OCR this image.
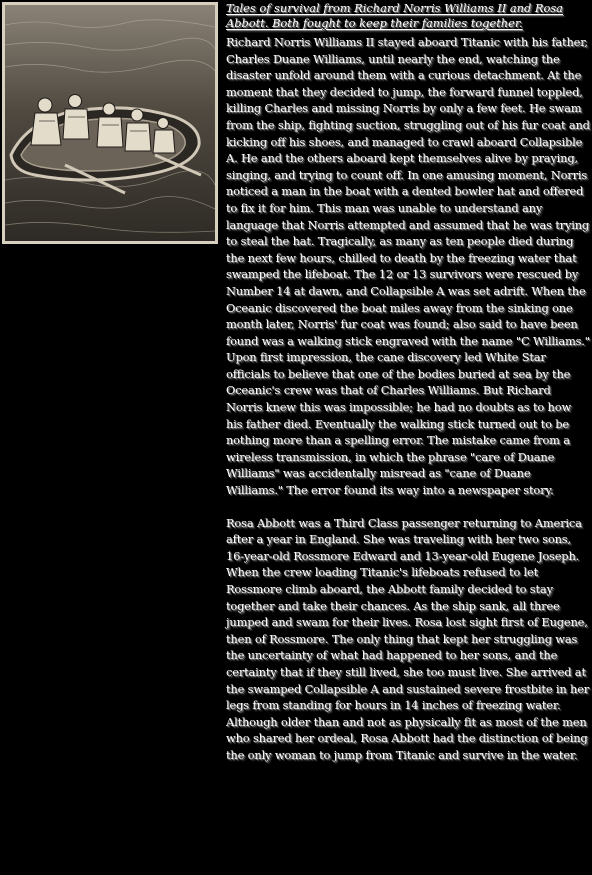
Tales of survival from Richard Norris Williams II and Rosa Abbott. Both fought to keep their families together.

Richard Norris Williams II stayed aboard Titanic with his father, Charles Duane Williams, until nearly the end, watching the disaster unfold around them with a curious detachment. At the moment that they decided to jump, the forward funnel toppled, killing Charles and missing Norris by only a few feet. He swam from the ship, fighting suction, struggling out of his fur coat and kicking off his shoes, and managed to crawl aboard Collapsible A. He and the others aboard kept themselves alive by praying, singing, and trying to count off. In one amusing moment, Norris noticed a man in the boat with a dented bowler hat and offered to fix it for him. This man was unable to understand any language that Norris attempted and assumed that he was trying to steal the hat. Tragically, as many as ten people died during the next few hours, chilled to death by the freezing water that swamped the lifeboat. The 12 or 13 survivors were rescued by Number 14 at dawn, and Collapsible A was set adrift. When the Oceanic discovered the boat miles away from the sinking one month later, Norris' fur coat was found; also said to have been found was a walking stick engraved with the name "C Williams." Upon first impression, the cane discovery led White Star officials to believe that one of the bodies buried at sea by the Oceanic's crew was that of Charles Williams. But Richard Norris knew this was impossible; he had no doubts as to how his father died. Eventually the walking stick turned out to be nothing more than a spelling error. The mistake came from a wireless transmission, in which the phrase "care of Duane Williams" was accidentally misread as "cane of Duane Williams." The error found its way into a newspaper story.

Rosa Abbott was a Third Class passenger returning to America after a year in England. She was traveling with her two sons, 16-year-old Rossmore Edward and 13-year-old Eugene Joseph. When the crew loading Titanic's lifeboats refused to let Rossmore climb aboard, the Abbott family decided to stay together and take their chances. As the ship sank, all three jumped and swam for their lives. Rosa lost sight first of Eugene, then of Rossmore. The only thing that kept her struggling was the uncertainty of what had happened to her sons, and the certainty that if they still lived, she too must live. She arrived at the swamped Collapsible A and sustained severe frostbite in her legs from standing for hours in 14 inches of freezing water. Although older than and not as physically fit as most of the men who shared her ordeal, Rosa Abbott had the distinction of being the only woman to jump from Titanic and survive in the water.
